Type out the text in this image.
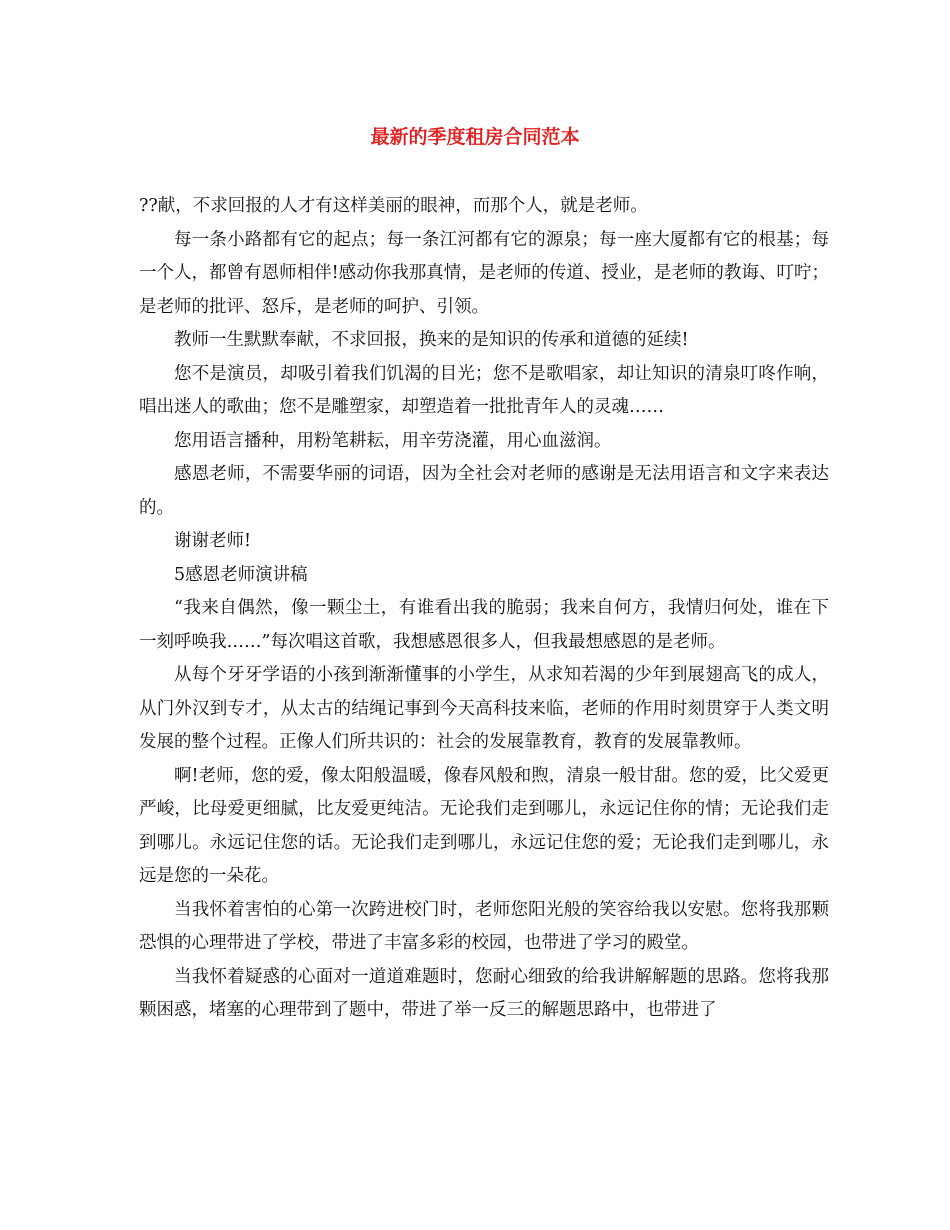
最新的季度租房合同范本

??献，不求回报的人才有这样美丽的眼神，而那个人，就是老师。

每一条小路都有它的起点；每一条江河都有它的源泉；每一座大厦都有它的根基；每一个人，都曾有恩师相伴!感动你我那真情，是老师的传道、授业，是老师的教诲、叮咛；是老师的批评、怒斥，是老师的呵护、引领。

教师一生默默奉献，不求回报，换来的是知识的传承和道德的延续!

您不是演员，却吸引着我们饥渴的目光；您不是歌唱家，却让知识的清泉叮咚作响，唱出迷人的歌曲；您不是雕塑家，却塑造着一批批青年人的灵魂……

您用语言播种，用粉笔耕耘，用辛劳浇灌，用心血滋润。

感恩老师，不需要华丽的词语，因为全社会对老师的感谢是无法用语言和文字来表达的。

谢谢老师!

5感恩老师演讲稿

“我来自偶然，像一颗尘土，有谁看出我的脆弱；我来自何方，我情归何处，谁在下一刻呼唤我……”每次唱这首歌，我想感恩很多人，但我最想感恩的是老师。

从每个牙牙学语的小孩到渐渐懂事的小学生，从求知若渴的少年到展翅高飞的成人，从门外汉到专才，从太古的结绳记事到今天高科技来临，老师的作用时刻贯穿于人类文明发展的整个过程。正像人们所共识的：社会的发展靠教育，教育的发展靠教师。

啊!老师，您的爱，像太阳般温暖，像春风般和煦，清泉一般甘甜。您的爱，比父爱更严峻，比母爱更细腻，比友爱更纯洁。无论我们走到哪儿，永远记住你的情；无论我们走到哪儿。永远记住您的话。无论我们走到哪儿，永远记住您的爱；无论我们走到哪儿，永远是您的一朵花。

当我怀着害怕的心第一次跨进校门时，老师您阳光般的笑容给我以安慰。您将我那颗恐惧的心理带进了学校，带进了丰富多彩的校园，也带进了学习的殿堂。

当我怀着疑惑的心面对一道道难题时，您耐心细致的给我讲解解题的思路。您将我那颗困惑，堵塞的心理带到了题中，带进了举一反三的解题思路中，也带进了
